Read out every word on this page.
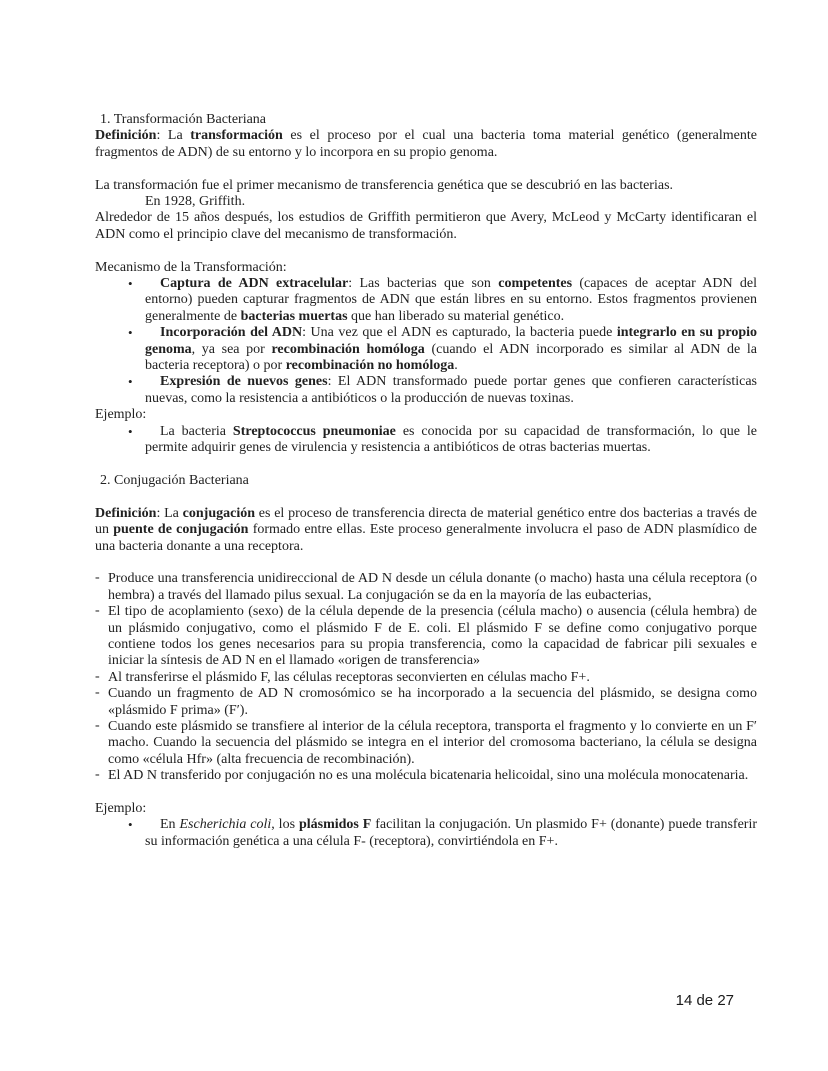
1. Transformación Bacteriana
Definición: La transformación es el proceso por el cual una bacteria toma material genético (generalmente fragmentos de ADN) de su entorno y lo incorpora en su propio genoma.
La transformación fue el primer mecanismo de transferencia genética que se descubrió en las bacterias.
En 1928, Griffith.
Alrededor de 15 años después, los estudios de Griffith permitieron que Avery, McLeod y McCarty identificaran el ADN como el principio clave del mecanismo de transformación.
Mecanismo de la Transformación:
• Captura de ADN extracelular: Las bacterias que son competentes (capaces de aceptar ADN del entorno) pueden capturar fragmentos de ADN que están libres en su entorno. Estos fragmentos provienen generalmente de bacterias muertas que han liberado su material genético.
• Incorporación del ADN: Una vez que el ADN es capturado, la bacteria puede integrarlo en su propio genoma, ya sea por recombinación homóloga (cuando el ADN incorporado es similar al ADN de la bacteria receptora) o por recombinación no homóloga.
• Expresión de nuevos genes: El ADN transformado puede portar genes que confieren características nuevas, como la resistencia a antibióticos o la producción de nuevas toxinas.
Ejemplo:
• La bacteria Streptococcus pneumoniae es conocida por su capacidad de transformación, lo que le permite adquirir genes de virulencia y resistencia a antibióticos de otras bacterias muertas.
2. Conjugación Bacteriana
Definición: La conjugación es el proceso de transferencia directa de material genético entre dos bacterias a través de un puente de conjugación formado entre ellas. Este proceso generalmente involucra el paso de ADN plasmídico de una bacteria donante a una receptora.
- Produce una transferencia unidireccional de AD N desde un célula donante (o macho) hasta una célula receptora (o hembra) a través del llamado pilus sexual. La conjugación se da en la mayoría de las eubacterias,
- El tipo de acoplamiento (sexo) de la célula depende de la presencia (célula macho) o ausencia (célula hembra) de un plásmido conjugativo, como el plásmido F de E. coli. El plásmido F se define como conjugativo porque contiene todos los genes necesarios para su propia transferencia, como la capacidad de fabricar pili sexuales e iniciar la síntesis de AD N en el llamado «origen de transferencia»
- Al transferirse el plásmido F, las células receptoras seconvierten en células macho F+.
- Cuando un fragmento de AD N cromosómico se ha incorporado a la secuencia del plásmido, se designa como «plásmido F prima» (F′).
- Cuando este plásmido se transfiere al interior de la célula receptora, transporta el fragmento y lo convierte en un F′ macho. Cuando la secuencia del plásmido se integra en el interior del cromosoma bacteriano, la célula se designa como «célula Hfr» (alta frecuencia de recombinación).
- El AD N transferido por conjugación no es una molécula bicatenaria helicoidal, sino una molécula monocatenaria.
Ejemplo:
• En Escherichia coli, los plásmidos F facilitan la conjugación. Un plasmido F+ (donante) puede transferir su información genética a una célula F- (receptora), convirtiéndola en F+.
14 de 27
